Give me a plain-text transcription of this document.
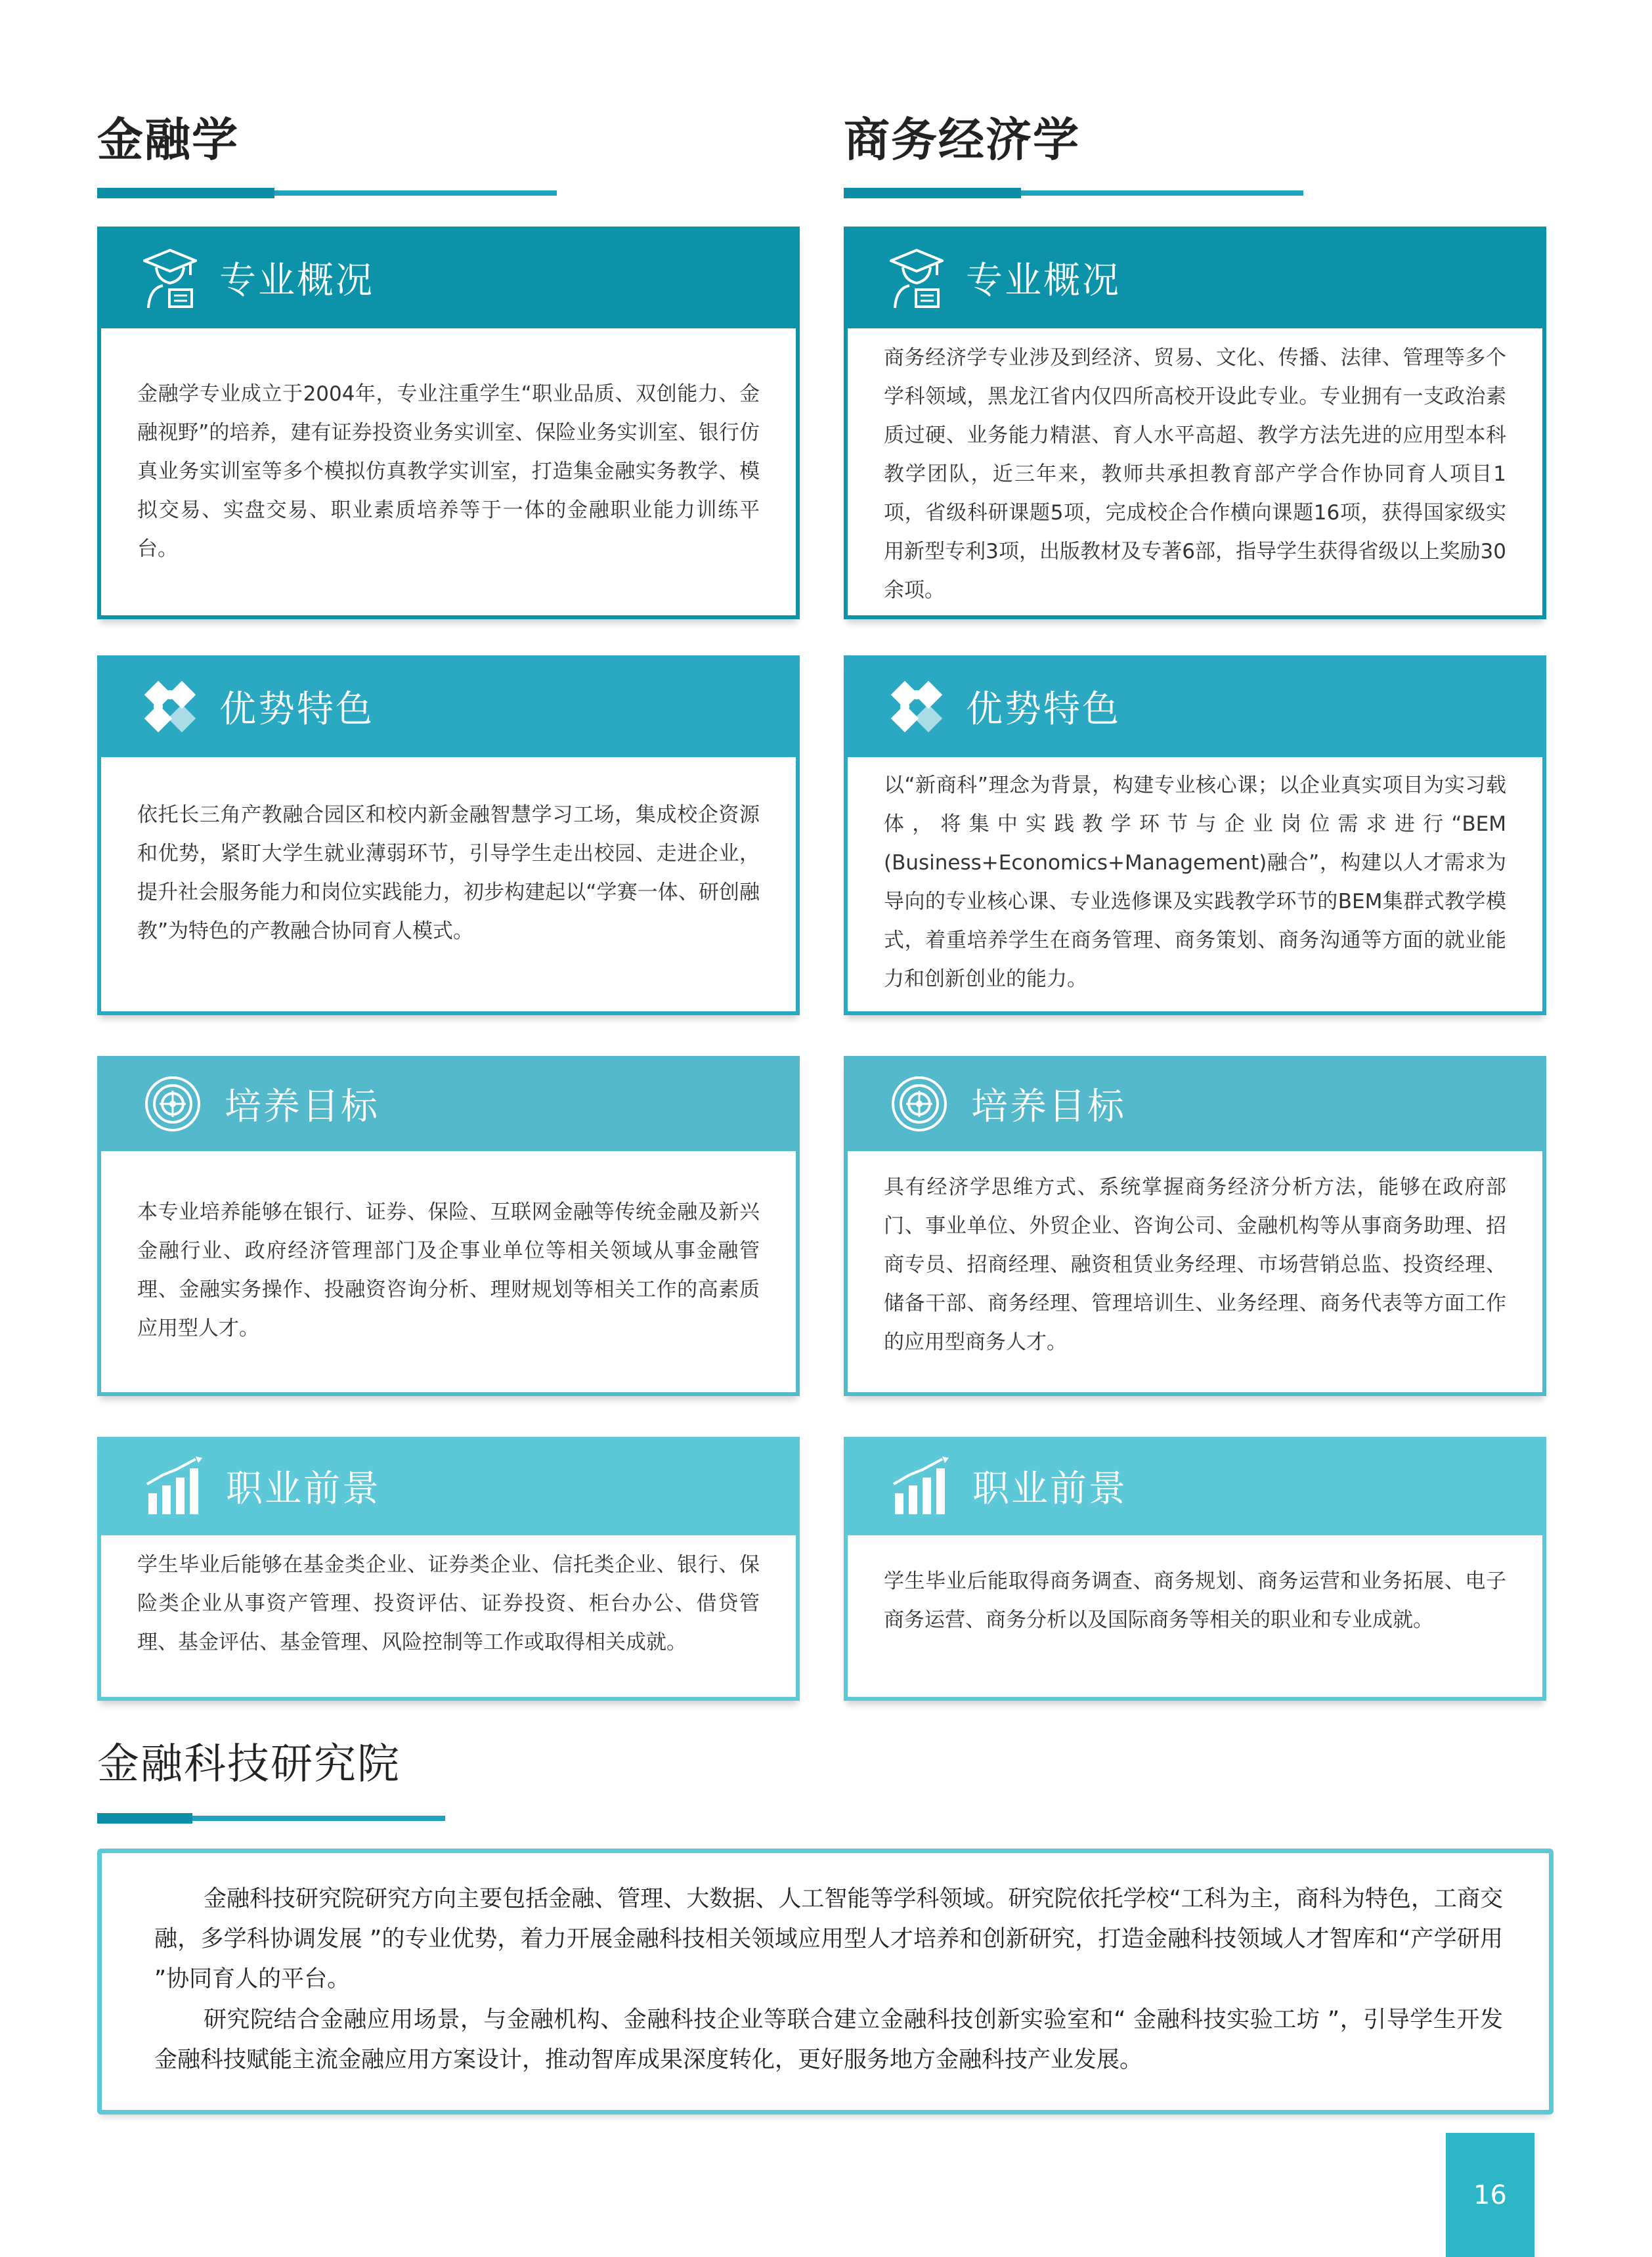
金融学	商务经济学
专业概况
金融学专业成立于2004年，专业注重学生“职业品质、双创能力、金融视野”的培养，建有证券投资业务实训室、保险业务实训室、银行仿真业务实训室等多个模拟仿真教学实训室，打造集金融实务教学、模拟交易、实盘交易、职业素质培养等于一体的金融职业能力训练平台。
优势特色
依托长三角产教融合园区和校内新金融智慧学习工场，集成校企资源和优势，紧盯大学生就业薄弱环节，引导学生走出校园、走进企业，提升社会服务能力和岗位实践能力，初步构建起以“学赛一体、研创融教”为特色的产教融合协同育人模式。
培养目标
本专业培养能够在银行、证券、保险、互联网金融等传统金融及新兴金融行业、政府经济管理部门及企事业单位等相关领域从事金融管理、金融实务操作、投融资咨询分析、理财规划等相关工作的高素质应用型人才。
职业前景
学生毕业后能够在基金类企业、证券类企业、信托类企业、银行、保险类企业从事资产管理、投资评估、证券投资、柜台办公、借贷管理、基金评估、基金管理、风险控制等工作或取得相关成就。
专业概况
商务经济学专业涉及到经济、贸易、文化、传播、法律、管理等多个学科领域，黑龙江省内仅四所高校开设此专业。专业拥有一支政治素质过硬、业务能力精湛、育人水平高超、教学方法先进的应用型本科教学团队，近三年来，教师共承担教育部产学合作协同育人项目1项，省级科研课题5项，完成校企合作横向课题16项，获得国家级实用新型专利3项，出版教材及专著6部，指导学生获得省级以上奖励30余项。
优势特色
以“新商科”理念为背景，构建专业核心课；以企业真实项目为实习载体，将集中实践教学环节与企业岗位需求进行“BEM (Business+Economics+Management)融合”，构建以人才需求为导向的专业核心课、专业选修课及实践教学环节的BEM集群式教学模式，着重培养学生在商务管理、商务策划、商务沟通等方面的就业能力和创新创业的能力。
培养目标
具有经济学思维方式、系统掌握商务经济分析方法，能够在政府部门、事业单位、外贸企业、咨询公司、金融机构等从事商务助理、招商专员、招商经理、融资租赁业务经理、市场营销总监、投资经理、储备干部、商务经理、管理培训生、业务经理、商务代表等方面工作的应用型商务人才。
职业前景
学生毕业后能取得商务调查、商务规划、商务运营和业务拓展、电子商务运营、商务分析以及国际商务等相关的职业和专业成就。
金融科技研究院
金融科技研究院研究方向主要包括金融、管理、大数据、人工智能等学科领域。研究院依托学校“工科为主，商科为特色，工商交融，多学科协调发展 ”的专业优势，着力开展金融科技相关领域应用型人才培养和创新研究，打造金融科技领域人才智库和“产学研用 ”协同育人的平台。
研究院结合金融应用场景，与金融机构、金融科技企业等联合建立金融科技创新实验室和“ 金融科技实验工坊 ”，引导学生开发金融科技赋能主流金融应用方案设计，推动智库成果深度转化，更好服务地方金融科技产业发展。
16
